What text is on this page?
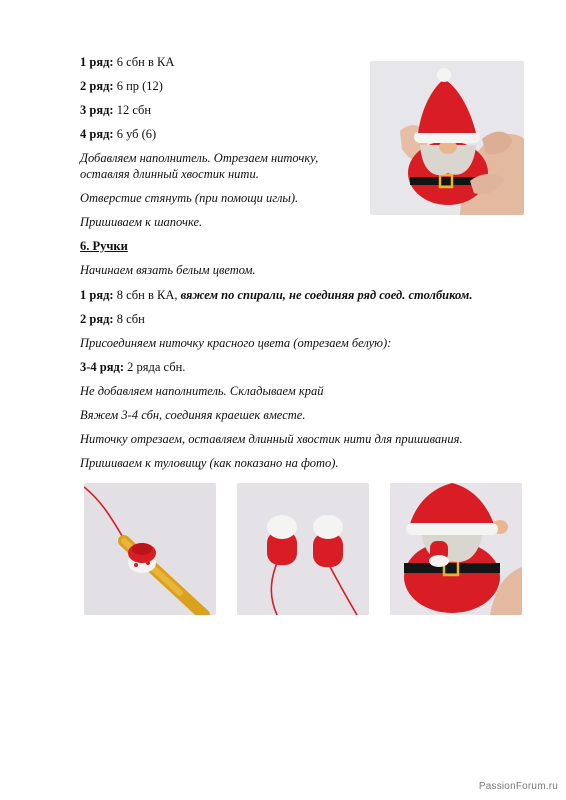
1 ряд: 6 сбн в КА
2 ряд: 6 пр (12)
3 ряд: 12 сбн
4 ряд: 6 уб (6)
Добавляем наполнитель. Отрезаем ниточку,
оставляя длинный хвостик нити.
Отверстие стянуть (при помощи иглы).
Пришиваем к шапочке.
6. Ручки
Начинаем вязать белым цветом.
1 ряд: 8 сбн в КА, вяжем по спирали, не соединяя ряд соед. столбиком.
2 ряд: 8 сбн
Присоединяем ниточку красного цвета (отрезаем белую):
3-4 ряд: 2 ряда сбн.
Не добавляем наполнитель. Складываем край
Вяжем 3-4 сбн, соединяя краешек вместе.
Ниточку отрезаем, оставляем длинный хвостик нити для пришивания.
Пришиваем к туловищу (как показано на фото).
PassionForum.ru
